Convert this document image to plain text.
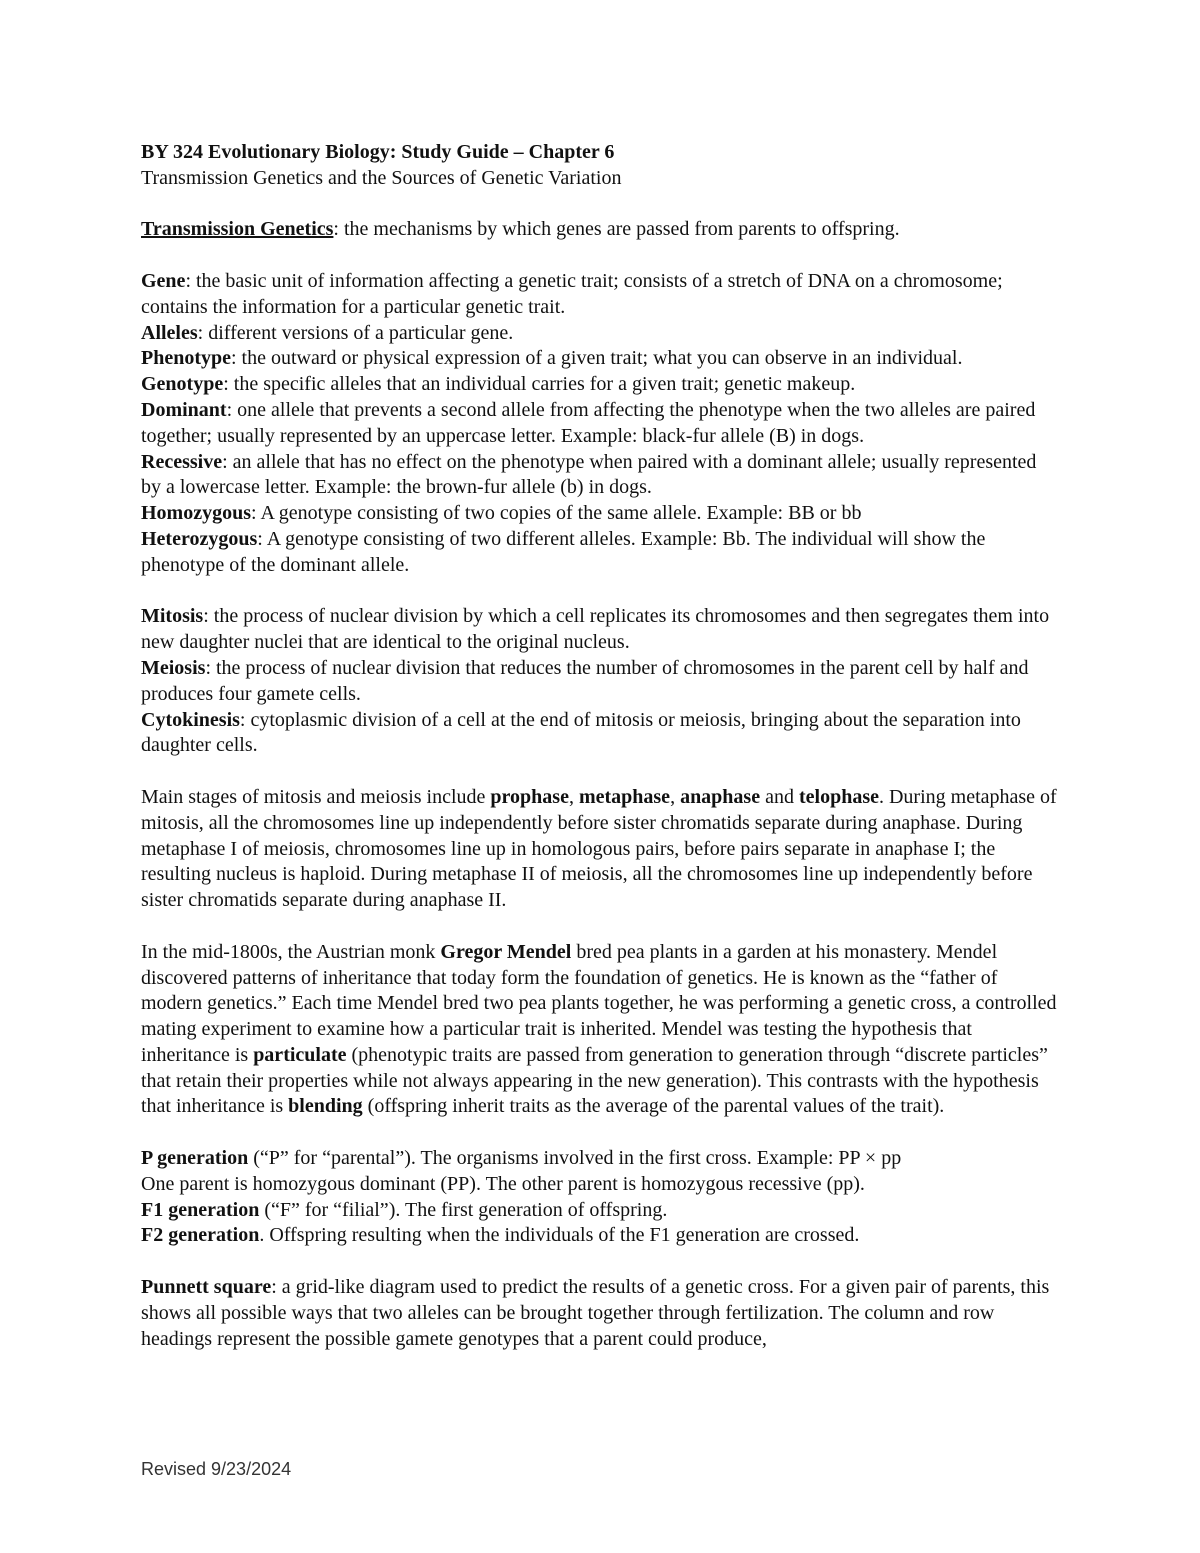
BY 324 Evolutionary Biology: Study Guide – Chapter 6

Transmission Genetics and the Sources of Genetic Variation

Transmission Genetics: the mechanisms by which genes are passed from parents to offspring.

Gene: the basic unit of information affecting a genetic trait; consists of a stretch of DNA on a chromosome; contains the information for a particular genetic trait.

Alleles: different versions of a particular gene.

Phenotype: the outward or physical expression of a given trait; what you can observe in an individual.

Genotype: the specific alleles that an individual carries for a given trait; genetic makeup.

Dominant: one allele that prevents a second allele from affecting the phenotype when the two alleles are paired together; usually represented by an uppercase letter. Example: black-fur allele (B) in dogs.

Recessive: an allele that has no effect on the phenotype when paired with a dominant allele; usually represented by a lowercase letter. Example: the brown-fur allele (b) in dogs.

Homozygous: A genotype consisting of two copies of the same allele. Example: BB or bb

Heterozygous: A genotype consisting of two different alleles. Example: Bb. The individual will show the phenotype of the dominant allele.

Mitosis: the process of nuclear division by which a cell replicates its chromosomes and then segregates them into new daughter nuclei that are identical to the original nucleus.

Meiosis: the process of nuclear division that reduces the number of chromosomes in the parent cell by half and produces four gamete cells.

Cytokinesis: cytoplasmic division of a cell at the end of mitosis or meiosis, bringing about the separation into daughter cells.

Main stages of mitosis and meiosis include prophase, metaphase, anaphase and telophase. During metaphase of mitosis, all the chromosomes line up independently before sister chromatids separate during anaphase. During metaphase I of meiosis, chromosomes line up in homologous pairs, before pairs separate in anaphase I; the resulting nucleus is haploid. During metaphase II of meiosis, all the chromosomes line up independently before sister chromatids separate during anaphase II.

In the mid-1800s, the Austrian monk Gregor Mendel bred pea plants in a garden at his monastery. Mendel discovered patterns of inheritance that today form the foundation of genetics. He is known as the “father of modern genetics.” Each time Mendel bred two pea plants together, he was performing a genetic cross, a controlled mating experiment to examine how a particular trait is inherited. Mendel was testing the hypothesis that inheritance is particulate (phenotypic traits are passed from generation to generation through “discrete particles” that retain their properties while not always appearing in the new generation). This contrasts with the hypothesis that inheritance is blending (offspring inherit traits as the average of the parental values of the trait).

P generation (“P” for “parental”). The organisms involved in the first cross. Example: PP × pp

One parent is homozygous dominant (PP). The other parent is homozygous recessive (pp).

F1 generation (“F” for “filial”). The first generation of offspring.

F2 generation. Offspring resulting when the individuals of the F1 generation are crossed.

Punnett square: a grid-like diagram used to predict the results of a genetic cross. For a given pair of parents, this shows all possible ways that two alleles can be brought together through fertilization. The column and row headings represent the possible gamete genotypes that a parent could produce,

Revised 9/23/2024
